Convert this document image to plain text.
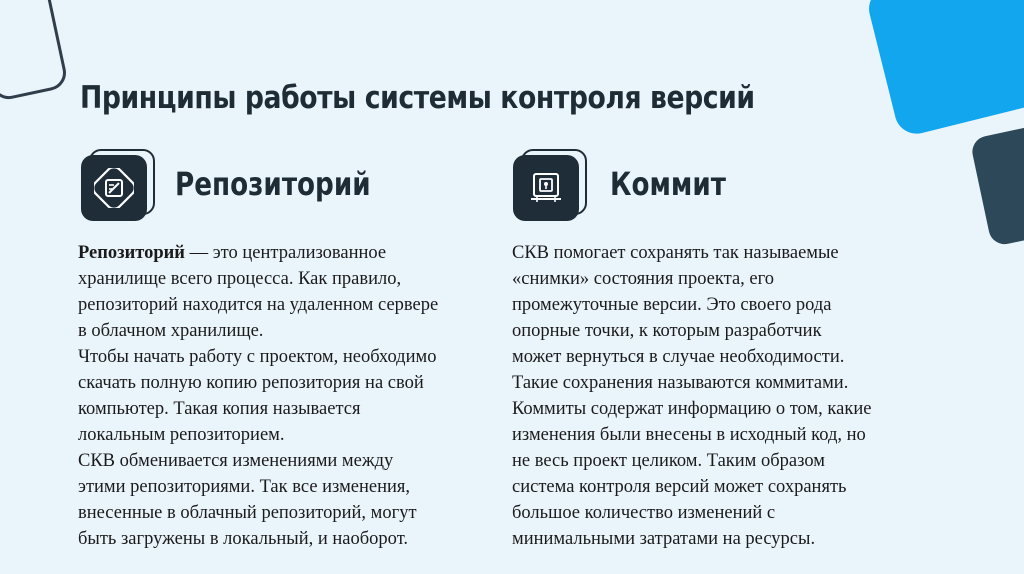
Принципы работы системы контроля версий
Репозиторий

Репозиторий — это централизованное
хранилище всего процесса. Как правило,
репозиторий находится на удаленном сервере
в облачном хранилище.
Чтобы начать работу с проектом, необходимо
скачать полную копию репозитория на свой
компьютер. Такая копия называется
локальным репозиторием.
СКВ обменивается изменениями между
этими репозиториями. Так все изменения,
внесенные в облачный репозиторий, могут
быть загружены в локальный, и наоборот.

Коммит

СКВ помогает сохранять так называемые
«снимки» состояния проекта, его
промежуточные версии. Это своего рода
опорные точки, к которым разработчик
может вернуться в случае необходимости.
Такие сохранения называются коммитами.
Коммиты содержат информацию о том, какие
изменения были внесены в исходный код, но
не весь проект целиком. Таким образом
система контроля версий может сохранять
большое количество изменений с
минимальными затратами на ресурсы.
